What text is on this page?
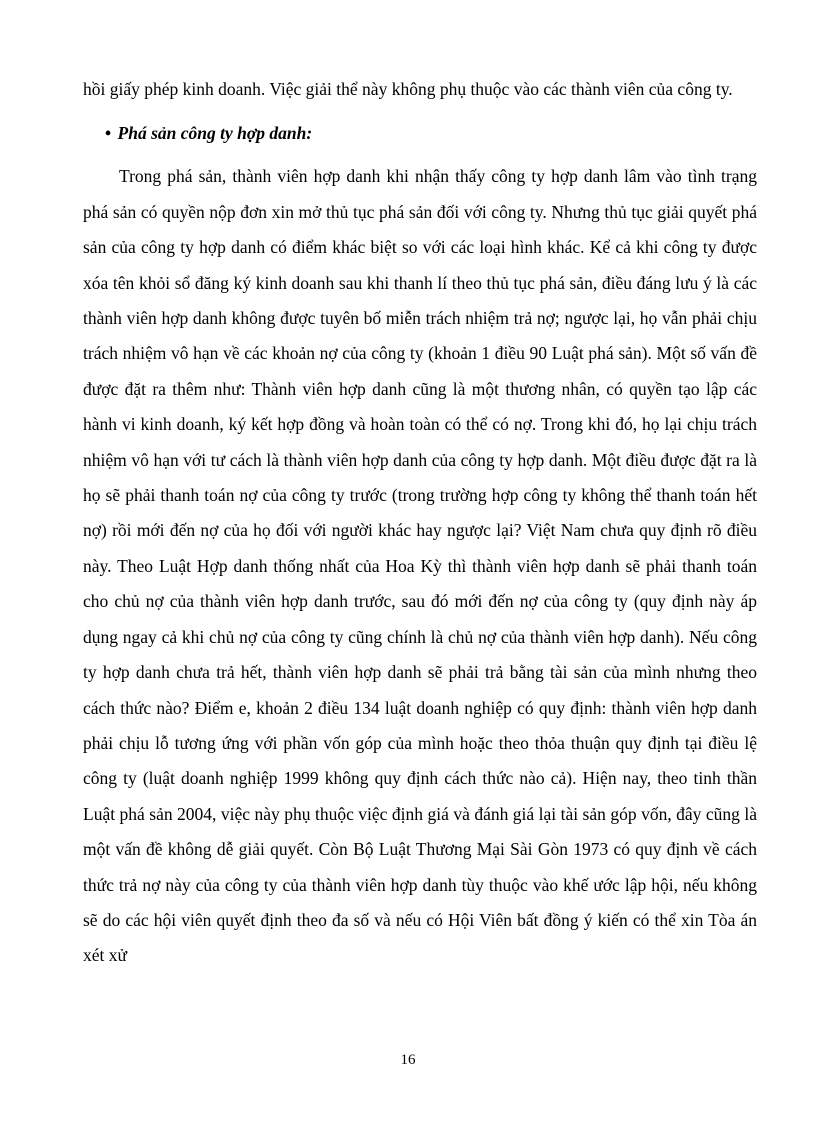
hồi giấy phép kinh doanh. Việc giải thể này không phụ thuộc vào các thành viên của công ty.

• Phá sản công ty hợp danh:

Trong phá sản, thành viên hợp danh khi nhận thấy công ty hợp danh lâm vào tình trạng phá sản có quyền nộp đơn xin mở thủ tục phá sản đối với công ty. Nhưng thủ tục giải quyết phá sản của công ty hợp danh có điểm khác biệt so với các loại hình khác. Kể cả khi công ty được xóa tên khỏi sổ đăng ký kinh doanh sau khi thanh lí theo thủ tục phá sản, điều đáng lưu ý là các thành viên hợp danh không được tuyên bố miễn trách nhiệm trả nợ; ngược lại, họ vẫn phải chịu trách nhiệm vô hạn về các khoản nợ của công ty (khoản 1 điều 90 Luật phá sản). Một số vấn đề được đặt ra thêm như: Thành viên hợp danh cũng là một thương nhân, có quyền tạo lập các hành vi kinh doanh, ký kết hợp đồng và hoàn toàn có thể có nợ. Trong khi đó, họ lại chịu trách nhiệm vô hạn với tư cách là thành viên hợp danh của công ty hợp danh. Một điều được đặt ra là họ sẽ phải thanh toán nợ của công ty trước (trong trường hợp công ty không thể thanh toán hết nợ) rồi mới đến nợ của họ đối với người khác hay ngược lại? Việt Nam chưa quy định rõ điều này. Theo Luật Hợp danh thống nhất của Hoa Kỳ thì thành viên hợp danh sẽ phải thanh toán cho chủ nợ của thành viên hợp danh trước, sau đó mới đến nợ của công ty (quy định này áp dụng ngay cả khi chủ nợ của công ty cũng chính là chủ nợ của thành viên hợp danh). Nếu công ty hợp danh chưa trả hết, thành viên hợp danh sẽ phải trả bằng tài sản của mình nhưng theo cách thức nào? Điểm e, khoản 2 điều 134 luật doanh nghiệp có quy định: thành viên hợp danh phải chịu lỗ tương ứng với phần vốn góp của mình hoặc theo thỏa thuận quy định tại điều lệ công ty (luật doanh nghiệp 1999 không quy định cách thức nào cả). Hiện nay, theo tinh thần Luật phá sản 2004, việc này phụ thuộc việc định giá và đánh giá lại tài sản góp vốn, đây cũng là một vấn đề không dễ giải quyết. Còn Bộ Luật Thương Mại Sài Gòn 1973 có quy định về cách thức trả nợ này của công ty của thành viên hợp danh tùy thuộc vào khế ước lập hội, nếu không sẽ do các hội viên quyết định theo đa số và nếu có Hội Viên bất đồng ý kiến có thể xin Tòa án xét xử

16
